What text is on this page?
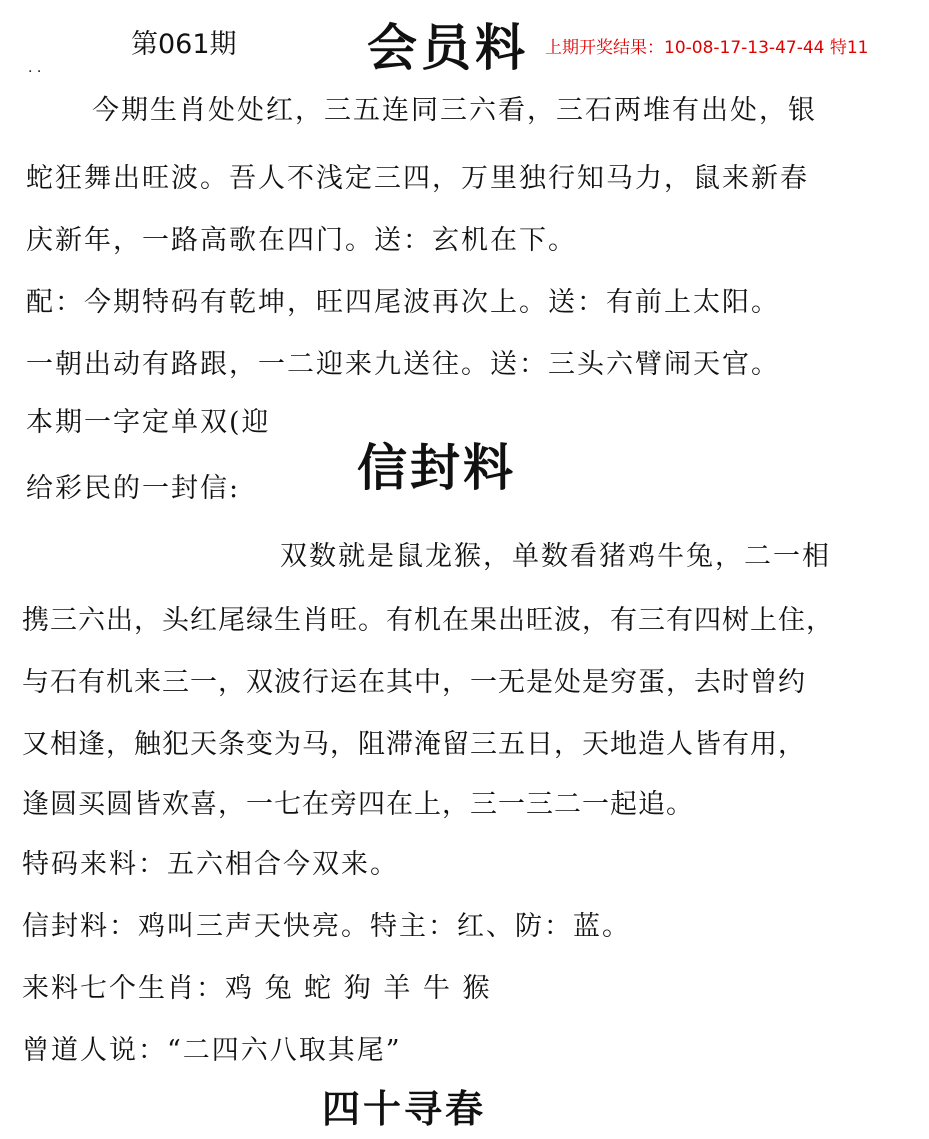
第061期	会员料 上期开奖结果：10-08-17-13-47-44 特11
. .
今期生肖处处红，三五连同三六看，三石两堆有出处，银
蛇狂舞出旺波。吾人不浅定三四，万里独行知马力，鼠来新春
庆新年，一路高歌在四门。送：玄机在下。
配：今期特码有乾坤，旺四尾波再次上。送：有前上太阳。
一朝出动有路跟，一二迎来九送往。送：三头六臂闹天官。
本期一字定单双(迎
给彩民的一封信: 信封料
双数就是鼠龙猴，单数看猪鸡牛兔，二一相
携三六出，头红尾绿生肖旺。有机在果出旺波，有三有四树上住，
与石有机来三一，双波行运在其中，一无是处是穷蛋，去时曾约
又相逢，触犯天条变为马，阻滞淹留三五日，天地造人皆有用，
逢圆买圆皆欢喜，一七在旁四在上，三一三二一起追。
特码来料：五六相合今双来。
信封料：鸡叫三声天快亮。特主：红、防：蓝。
来料七个生肖：鸡 兔 蛇 狗 羊 牛 猴
曾道人说：“二四六八取其尾”
四十寻春
